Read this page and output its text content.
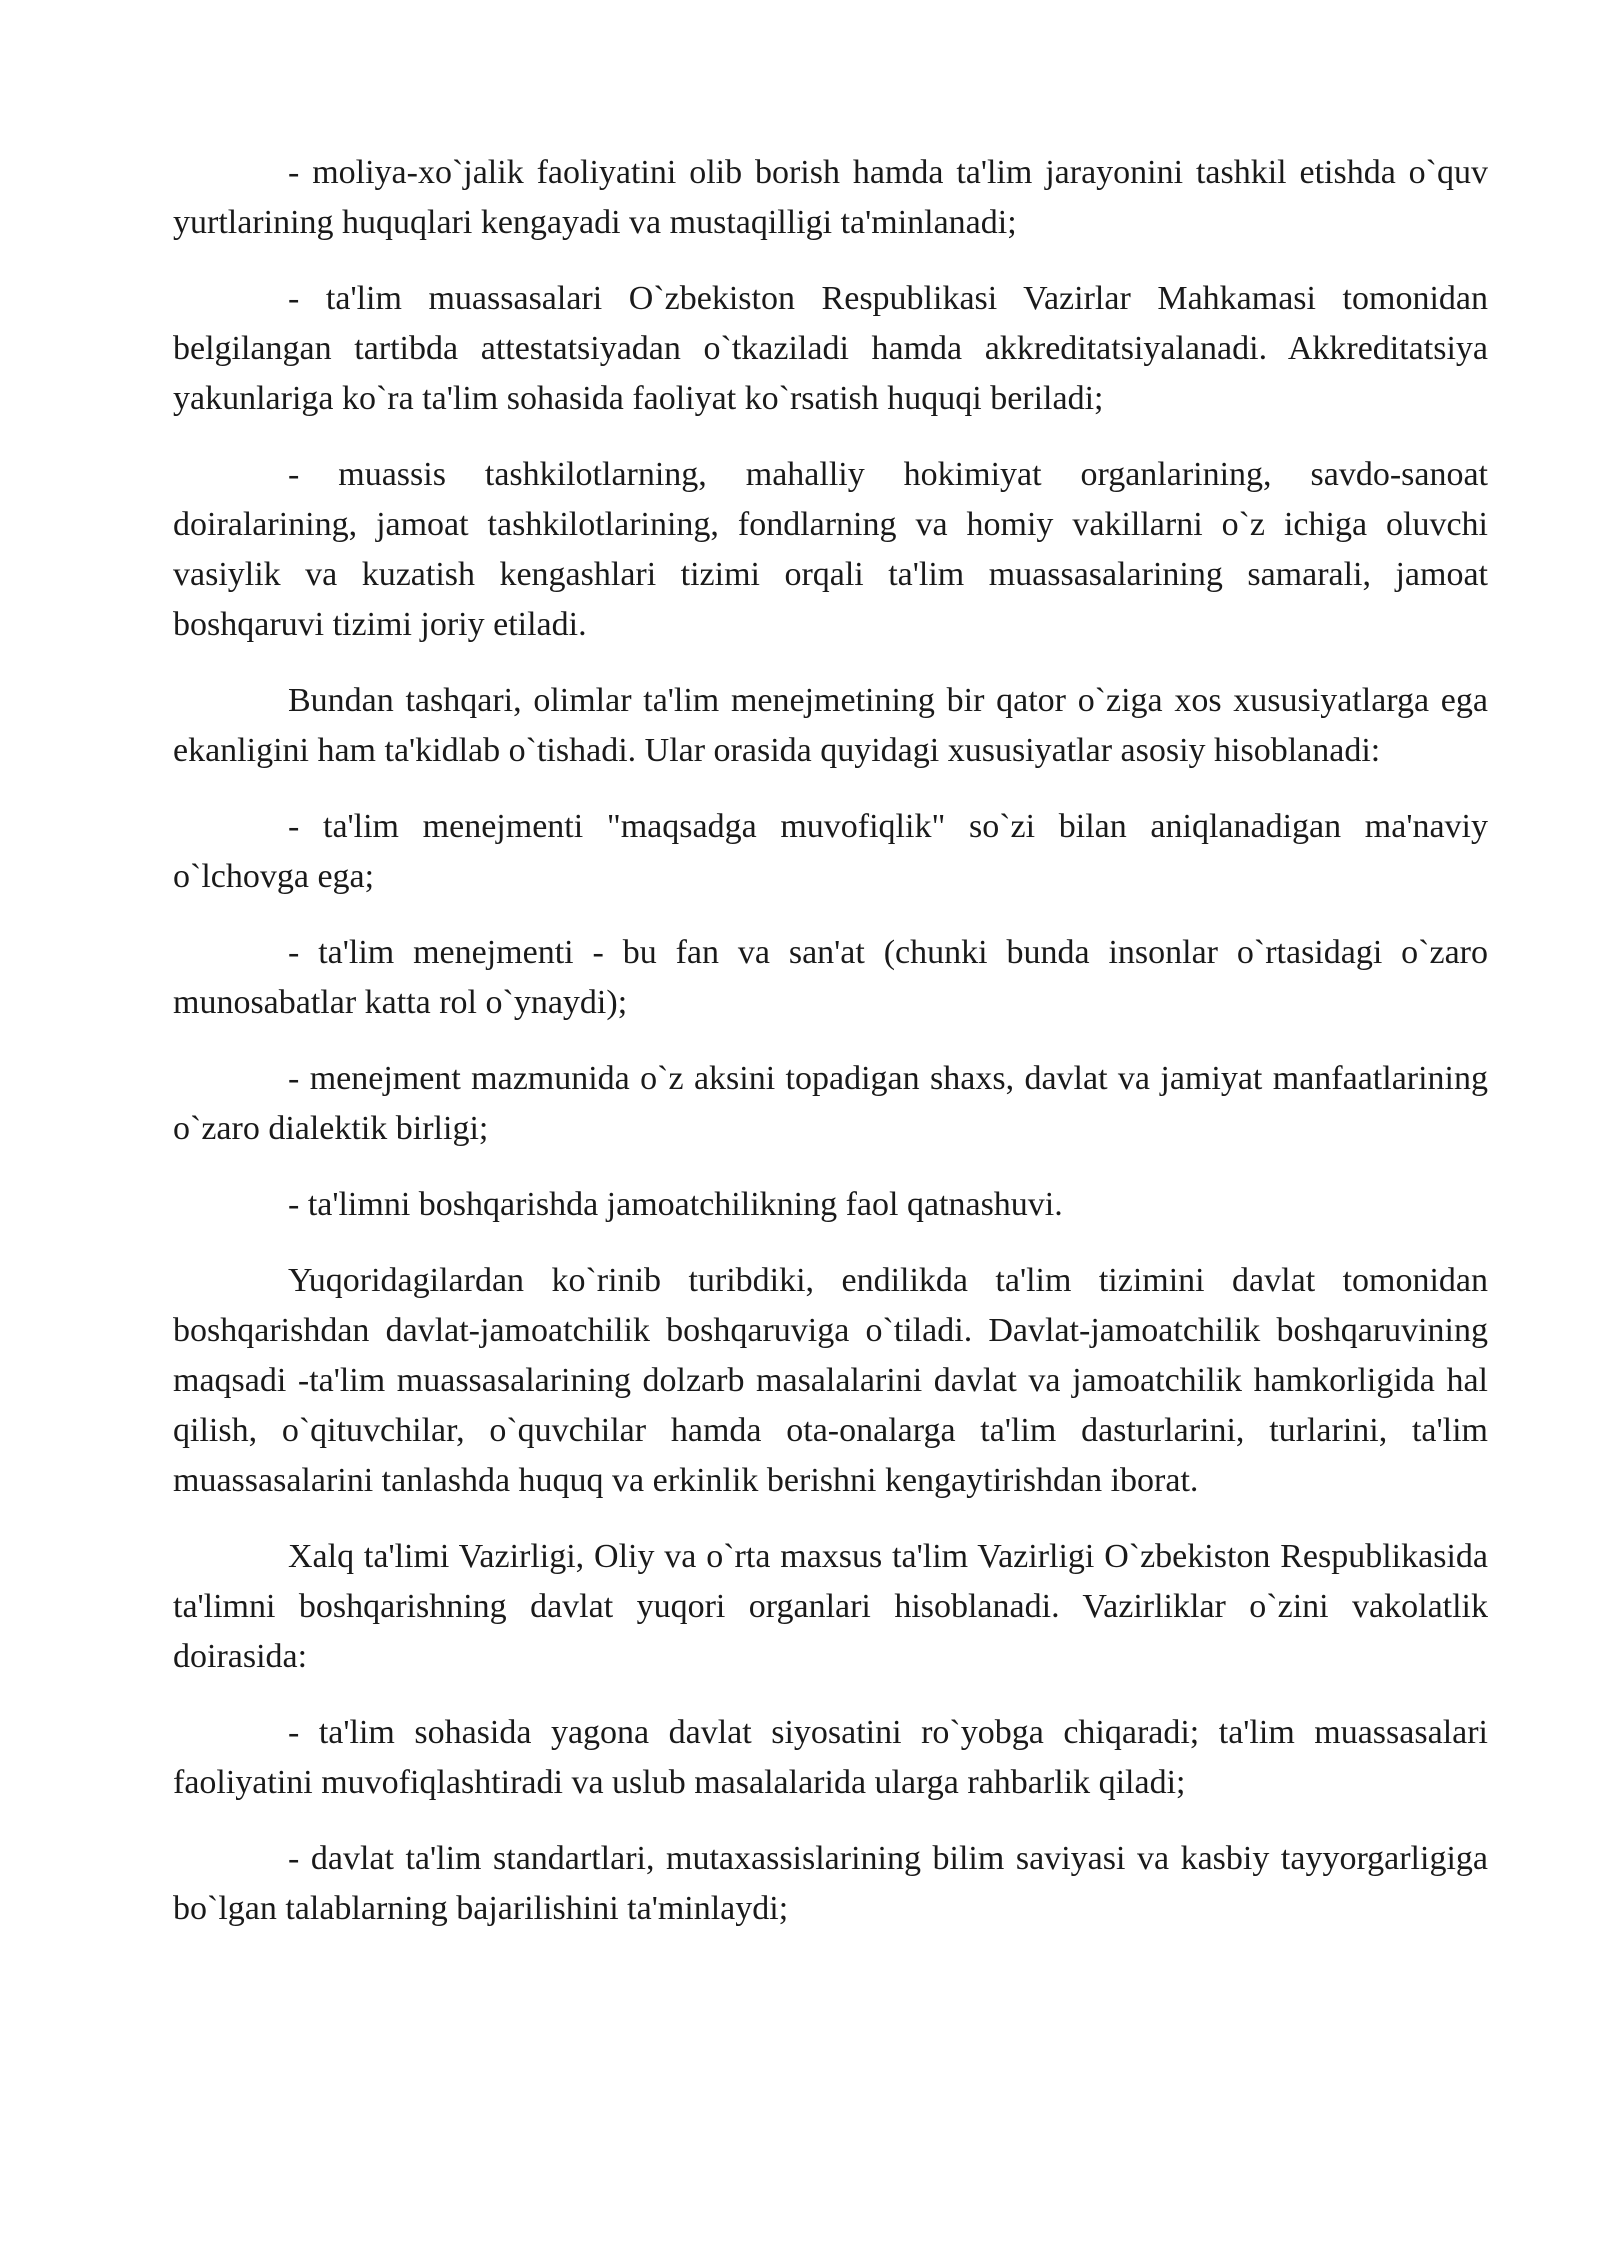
- moliya-xo`jalik faoliyatini olib borish hamda ta'lim jarayonini tashkil etishda o`quv yurtlarining huquqlari kengayadi va mustaqilligi ta'minlanadi;

- ta'lim muassasalari O`zbekiston Respublikasi Vazirlar Mahkamasi tomonidan belgilangan tartibda attestatsiyadan o`tkaziladi hamda akkreditatsiyalanadi. Akkreditatsiya yakunlariga ko`ra ta'lim sohasida faoliyat ko`rsatish huquqi beriladi;

- muassis tashkilotlarning, mahalliy hokimiyat organlarining, savdo-sanoat doiralarining, jamoat tashkilotlarining, fondlarning va homiy vakillarni o`z ichiga oluvchi vasiylik va kuzatish kengashlari tizimi orqali ta'lim muassasalarining samarali, jamoat boshqaruvi tizimi joriy etiladi.

Bundan tashqari, olimlar ta'lim menejmetining bir qator o`ziga xos xususiyatlarga ega ekanligini ham ta'kidlab o`tishadi. Ular orasida quyidagi xususiyatlar asosiy hisoblanadi:

- ta'lim menejmenti "maqsadga muvofiqlik" so`zi bilan aniqlanadigan ma'naviy o`lchovga ega;

- ta'lim menejmenti - bu fan va san'at (chunki bunda insonlar o`rtasidagi o`zaro munosabatlar katta rol o`ynaydi);

- menejment mazmunida o`z aksini topadigan shaxs, davlat va jamiyat manfaatlarining o`zaro dialektik birligi;

- ta'limni boshqarishda jamoatchilikning faol qatnashuvi.

Yuqoridagilardan ko`rinib turibdiki, endilikda ta'lim tizimini davlat tomonidan boshqarishdan davlat-jamoatchilik boshqaruviga o`tiladi. Davlat-jamoatchilik boshqaruvining maqsadi -ta'lim muassasalarining dolzarb masalalarini davlat va jamoatchilik hamkorligida hal qilish, o`qituvchilar, o`quvchilar hamda ota-onalarga ta'lim dasturlarini, turlarini, ta'lim muassasalarini tanlashda huquq va erkinlik berishni kengaytirishdan iborat.

Xalq ta'limi Vazirligi, Oliy va o`rta maxsus ta'lim Vazirligi O`zbekiston Respublikasida ta'limni boshqarishning davlat yuqori organlari hisoblanadi. Vazirliklar o`zini vakolatlik doirasida:

- ta'lim sohasida yagona davlat siyosatini ro`yobga chiqaradi; ta'lim muassasalari faoliyatini muvofiqlashtiradi va uslub masalalarida ularga rahbarlik qiladi;

- davlat ta'lim standartlari, mutaxassislarining bilim saviyasi va kasbiy tayyorgarligiga bo`lgan talablarning bajarilishini ta'minlaydi;
